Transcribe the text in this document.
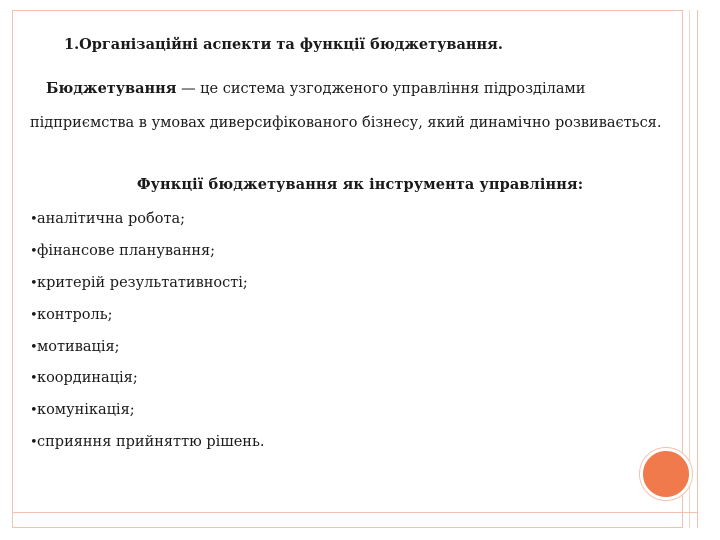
1.Організаційні аспекти та функції бюджетування.
Бюджетування — це система узгодженого управління підрозділами підприємства в умовах диверсифікованого бізнесу, який динамічно розвивається.
Функції бюджетування як інструмента управління:
•аналітична робота;
•фінансове планування;
•критерій результативності;
•контроль;
•мотивація;
•координація;
•комунікація;
•сприяння прийняттю рішень.
